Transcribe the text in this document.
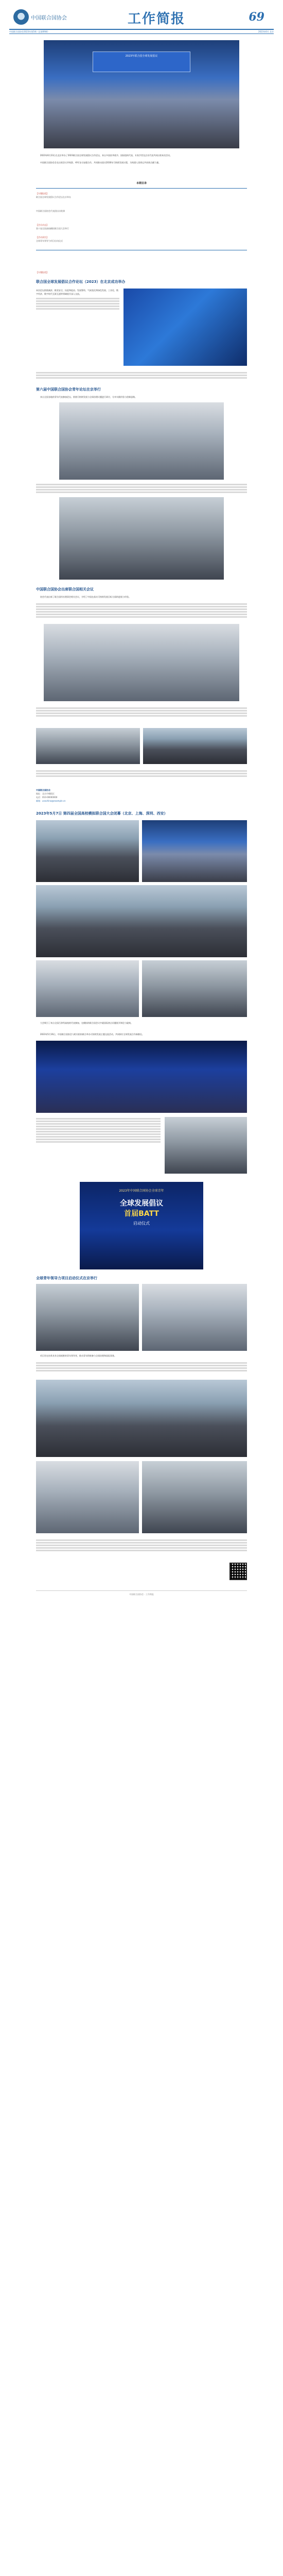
中国联合国协会	工作简报	69
中国联合国协会2023年第5期（总第69期）	2023年6月 北京
2023年联合国全球发展倡议

2023年6月23日在北京举办了2023联合国全球发展倡议合作论坛，来自多国驻华使节、国际组织代表、专家学者及企业代表共同出席本次活动。

中国联合国协会会长出席会议并致辞，呼吁各方加强合作，共同推动落实2030年可持续发展议程，为构建人类命运共同体贡献力量。

本期目录
【专题报道】
联合国全球发展倡议合作论坛在京举办
中国联合国协会代表团出访欧洲
【会员动态】
第十届全国高校模拟联合国大会举行
【活动预告】
全球青年领导力项目启动仪式
【专题报道】
联合国全球发展倡议合作论坛（2023）在北京成功举办

本次论坛围绕减贫、粮食安全、抗疫和疫苗、发展筹资、气候变化和绿色发展、工业化、数字经济、数字时代互联互通等领域展开深入交流。

第六届中国联合国协会青年论坛在京举行

来自全国各地的青年代表参加论坛，围绕可持续发展与全球治理议题进行研讨，分享实践经验与创新思路。

中国联合国协会出席联合国相关会议

协会代表出席了联合国经社理事会相关会议，介绍了中国在落实可持续发展目标方面的进展与经验。

中国联合国协会
地址：北京市朝阳区
电话：010-00000000
邮箱：unachina@example.cn
2023年5月7日 第四届全国高校模拟联合国大会闭幕（北京、上海、深圳、西安）

大会吸引了来自全国百余所高校的代表参加，在模拟的联合国会议中就国际热点问题展开辩论与磋商。

2023年5月16日，中国联合国协会与相关机构联合举办可持续发展主题交流活动，共同探讨全球发展合作新路径。

2023年中国联合国协会全球青年
全球发展倡议
首届BATT
启动仪式
全球青年领导力项目启动仪式在京举行

项目旨在培养具有全球视野的青年领导者，推动青年积极参与全球治理和国际事务。

中国联合国协会 · 工作简报
